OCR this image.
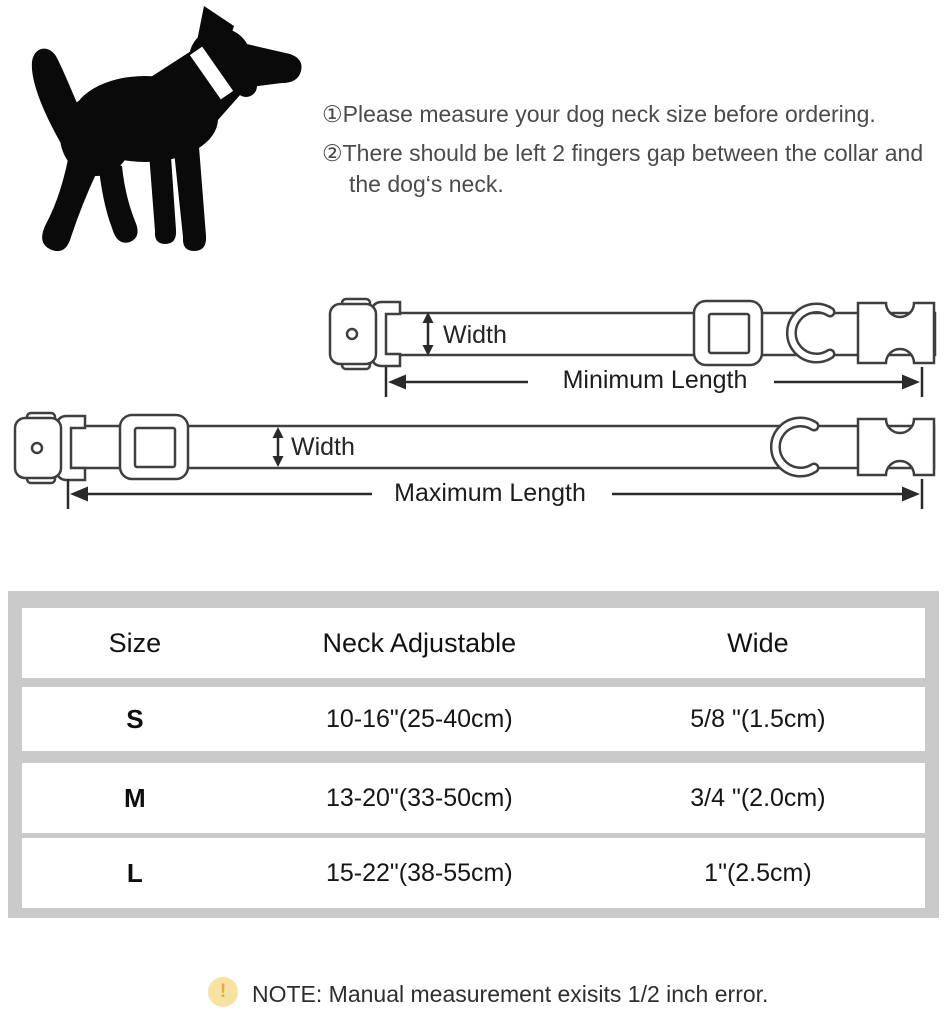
①Please measure your dog neck size before ordering.
②There should be left 2 fingers gap between the collar and the dog‘s neck.
Width
Minimum Length
Width
Maximum Length
Size	Neck Adjustable	Wide
S	10-16"(25-40cm)	5/8 "(1.5cm)
M	13-20"(33-50cm)	3/4 "(2.0cm)
L	15-22"(38-55cm)	1"(2.5cm)
! NOTE: Manual measurement exisits 1/2 inch error.
